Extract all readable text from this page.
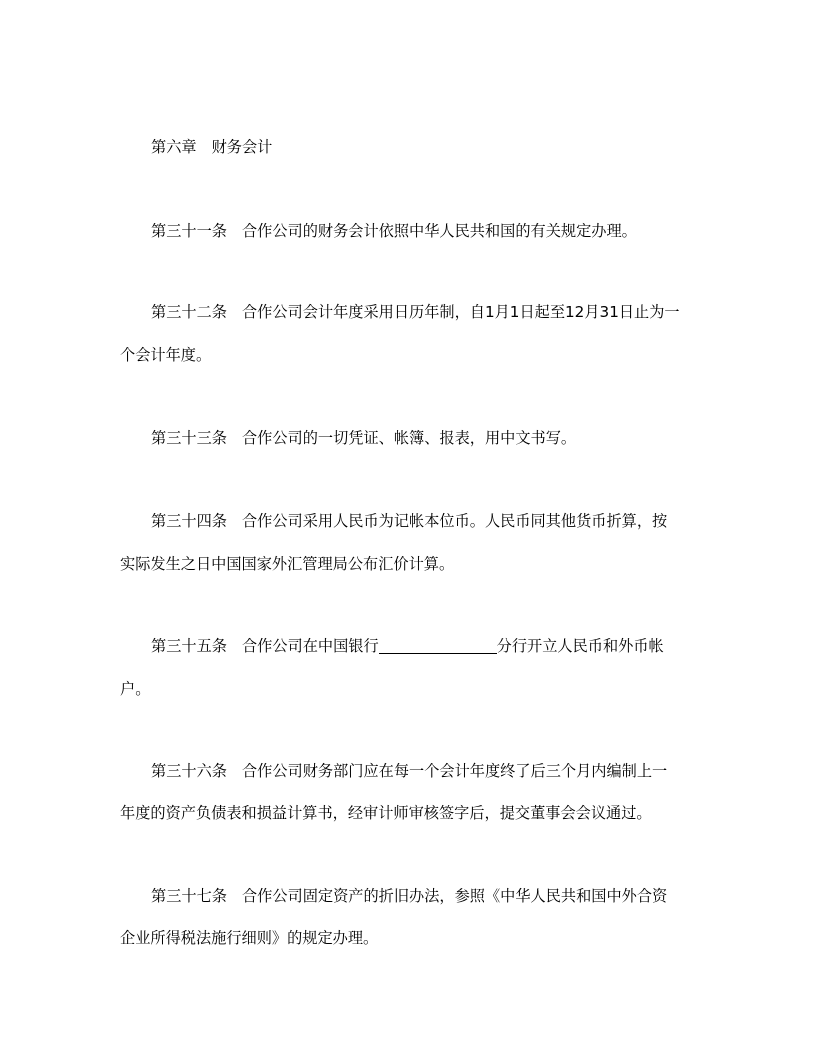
第六章 财务会计
第三十一条 合作公司的财务会计依照中华人民共和国的有关规定办理。
第三十二条 合作公司会计年度采用日历年制，自1月1日起至12月31日止为一
个会计年度。
第三十三条 合作公司的一切凭证、帐簿、报表，用中文书写。
第三十四条 合作公司采用人民币为记帐本位币。人民币同其他货币折算，按
实际发生之日中国国家外汇管理局公布汇价计算。
第三十五条 合作公司在中国银行	分行开立人民币和外币帐
户。
第三十六条 合作公司财务部门应在每一个会计年度终了后三个月内编制上一
年度的资产负债表和损益计算书，经审计师审核签字后，提交董事会会议通过。
第三十七条 合作公司固定资产的折旧办法，参照《中华人民共和国中外合资
企业所得税法施行细则》的规定办理。
